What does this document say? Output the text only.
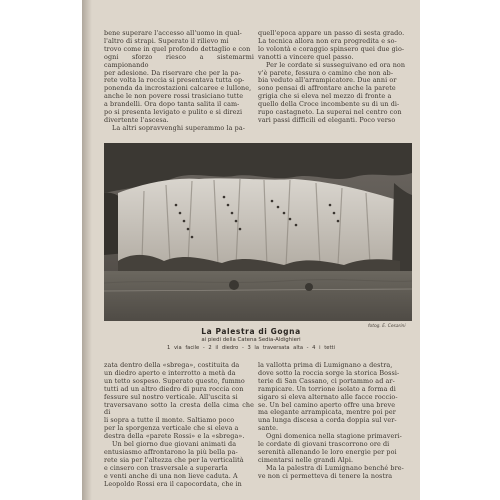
bene superare l'accesso all'uomo in qual-

l'altro di strapi. Superato il rilievo mi

trovo come in quel profondo dettaglio e con

ogni sforzo riesco a sistemarmi campionando

per adesione. Da riservare che per la pa-

rete volta la roccia si presentava tutta op-

ponenda da incrostazioni calcaree e lullone,

anche le non povere rossi trasiciano tutte

a brandelli. Ora dopo tanta salita il cam-

po si presenta levigato e pulito e si direzi

divertente l'ascesa.

La altri sopravvenghi superammo la pa-

quell'epoca appare un passo di sesta grado.

La tecnica allora non era progredita e so-

lo volontà e coraggio spinsero quei due gio-

vanotti a vincere quel passo.

Per le cordate si susseguivano ed ora non

v'è parete, fessura o camino che non ab-

bia veduto all'arrampicatore. Due anni or

sono pensai di affrontare anche la parete

grigia che si eleva nel mezzo di fronte a

quello della Croce incombente su di un di-

rupo castagneto. La superai nel centro con

vari passi difficili ed eleganti. Poco verso

fotog. E. Cesarini
La Palestra di Gogna
ai piedi della Catena Sedia-Aldighieri
1 via facile - 2 il diedro - 3 la traversata alta - 4 i tetti

zata dentro della «sbrega», costituita da

un diedro aperto e interrotto a metà da

un tetto sospeso. Superato questo, fummo

tutti ad un altro diedro di pura roccia con

fessure sul nostro verticale. All'uscita si

traversavano sotto la cresta della cima che di

li sopra a tutte il monte. Saltiamo poco

per la sporgenza verticale che si eleva a

destra della «parete Rossi» e la «sbrega».

Un bel giorno due giovani animati da

entusiasmo affrontarono la più bella pa-

rete sia per l'altezza che per la verticalità

e cinsero con trasversale a superarla

e venti anche di una non lieve caduta. A

Leopoldo Rossi era il capocordata, che in

la vallotta prima di Lumignano a destra,

dove sotto la roccia sorge la storica Bossi-

terie di San Cassano, ci portammo ad ar-

rampicare. Un torrione isolato a forma di

sigaro si eleva alternato alle facce roccio-

se. Un bel camino aperto offre una breve

ma elegante arrampicata, mentre poi per

una lunga discesa a corda doppia sul ver-

sante.

Ogni domenica nella stagione primaveri-

le cordate di giovani trascorrono ore di

serenità allenando le loro energie per poi

cimentarsi nelle grandi Alpi.

Ma la palestra di Lumignano benché bre-

ve non ci permetteva di tenere la nostra
